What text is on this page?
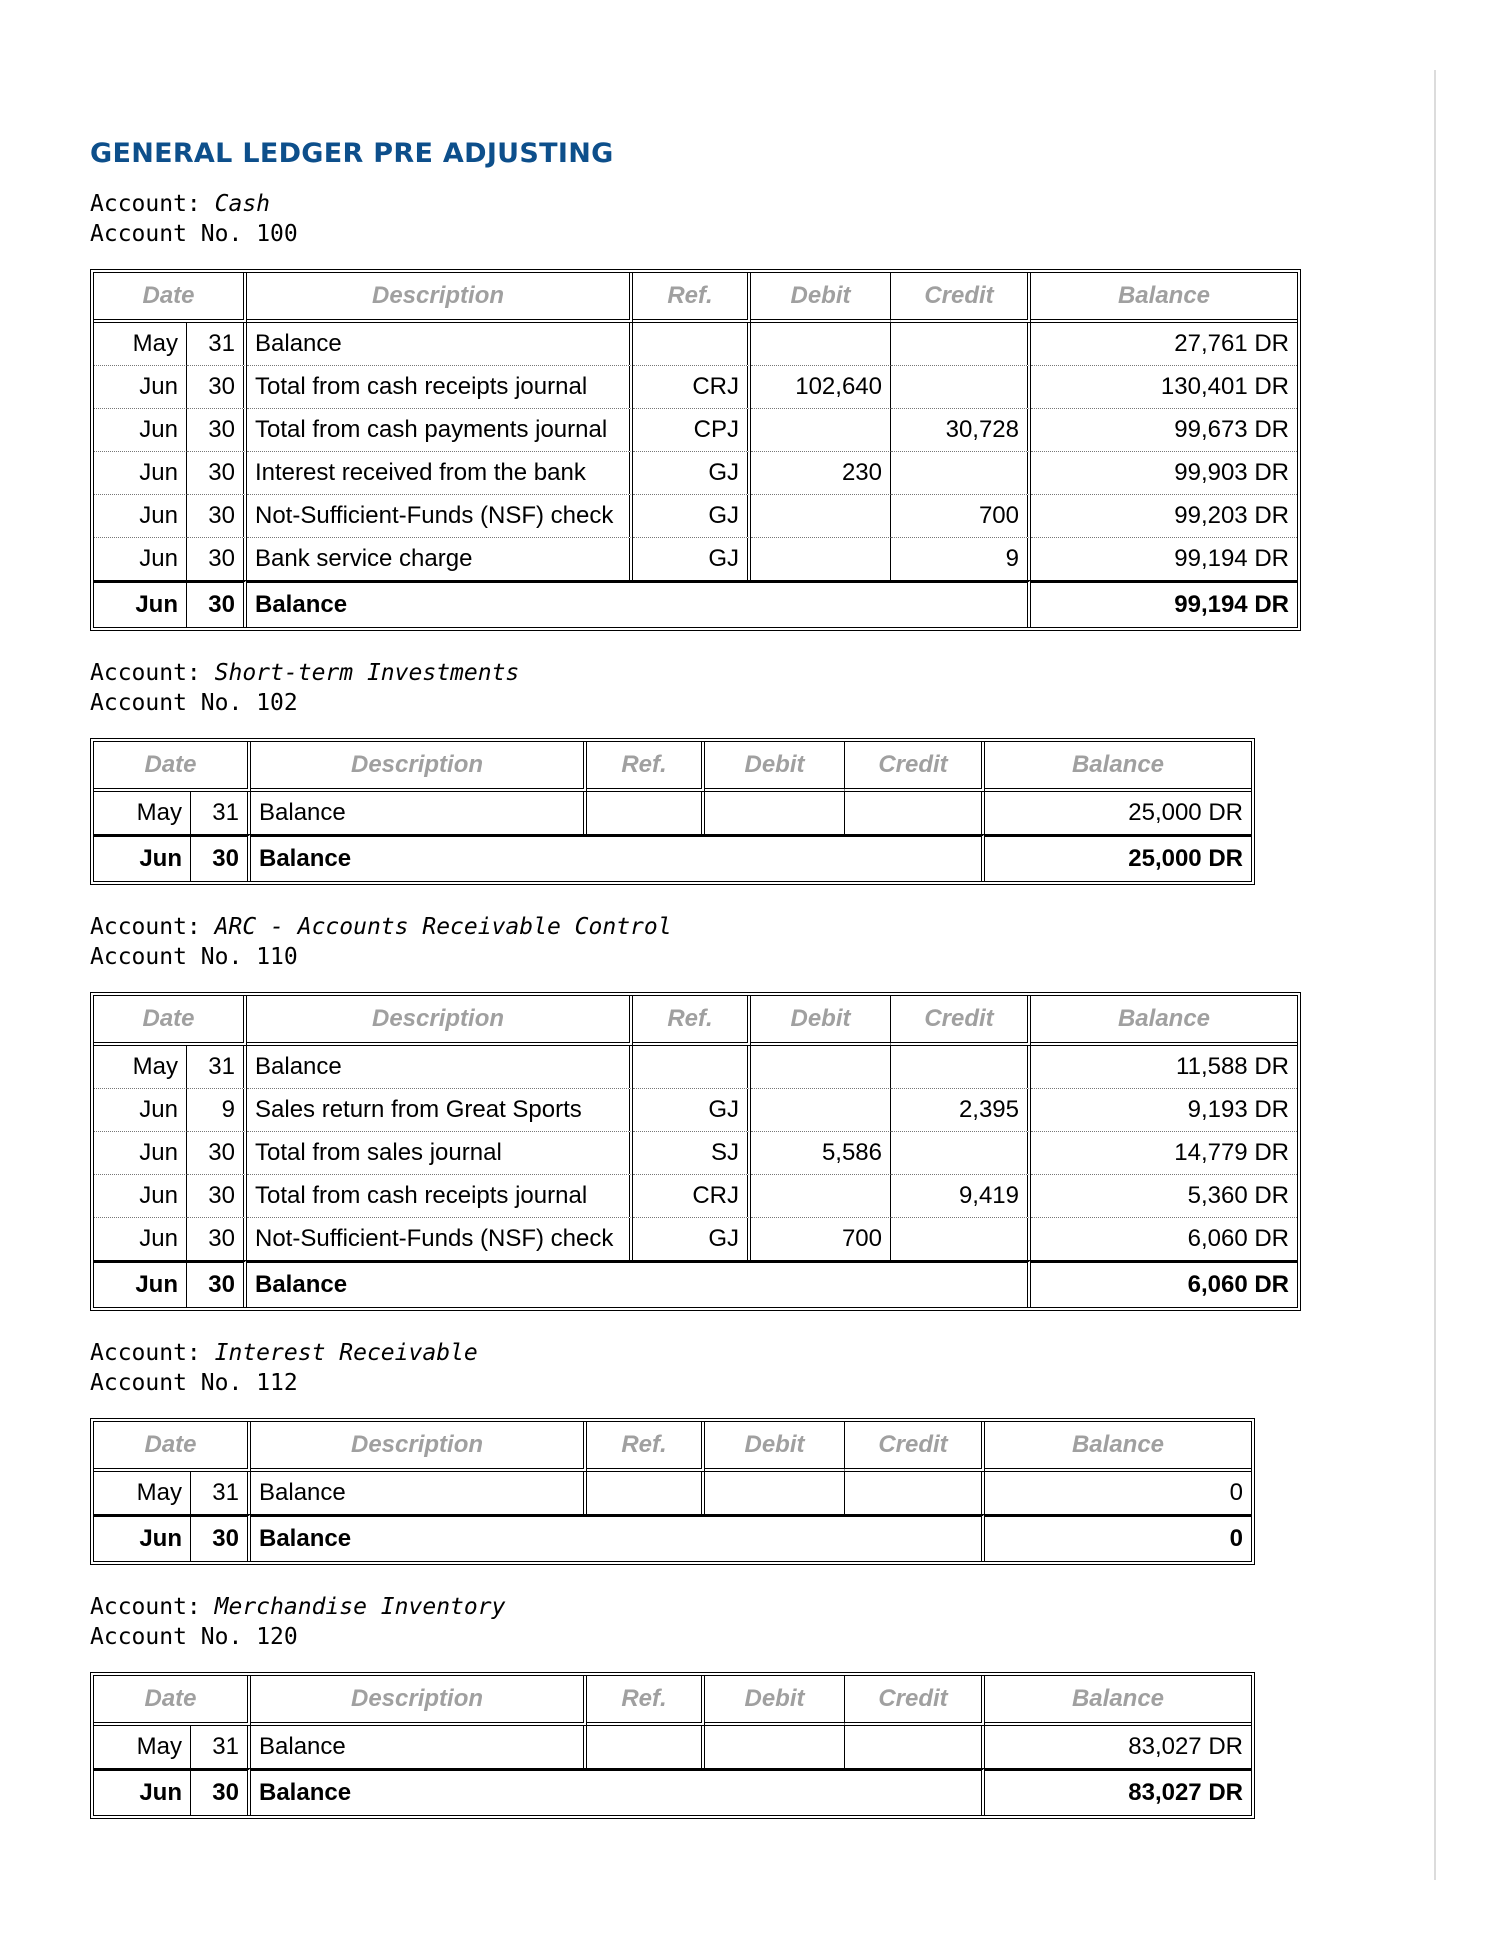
GENERAL LEDGER PRE ADJUSTING
Account: Cash
Account No. 100
Date		Description	Ref.	Debit	Credit	Balance
May	31	Balance				27,761 DR
Jun	30	Total from cash receipts journal	CRJ	102,640		130,401 DR
Jun	30	Total from cash payments journal	CPJ		30,728	99,673 DR
Jun	30	Interest received from the bank	GJ	230		99,903 DR
Jun	30	Not-Sufficient-Funds (NSF) check	GJ		700	99,203 DR
Jun	30	Bank service charge	GJ		9	99,194 DR
Jun	30	Balance				99,194 DR
Account: Short-term Investments
Account No. 102
Date		Description	Ref.	Debit	Credit	Balance
May	31	Balance				25,000 DR
Jun	30	Balance				25,000 DR
Account: ARC - Accounts Receivable Control
Account No. 110
Date		Description	Ref.	Debit	Credit	Balance
May	31	Balance				11,588 DR
Jun	9	Sales return from Great Sports	GJ		2,395	9,193 DR
Jun	30	Total from sales journal	SJ	5,586		14,779 DR
Jun	30	Total from cash receipts journal	CRJ		9,419	5,360 DR
Jun	30	Not-Sufficient-Funds (NSF) check	GJ	700		6,060 DR
Jun	30	Balance				6,060 DR
Account: Interest Receivable
Account No. 112
Date		Description	Ref.	Debit	Credit	Balance
May	31	Balance				0
Jun	30	Balance				0
Account: Merchandise Inventory
Account No. 120
Date		Description	Ref.	Debit	Credit	Balance
May	31	Balance				83,027 DR
Jun	30	Balance				83,027 DR
